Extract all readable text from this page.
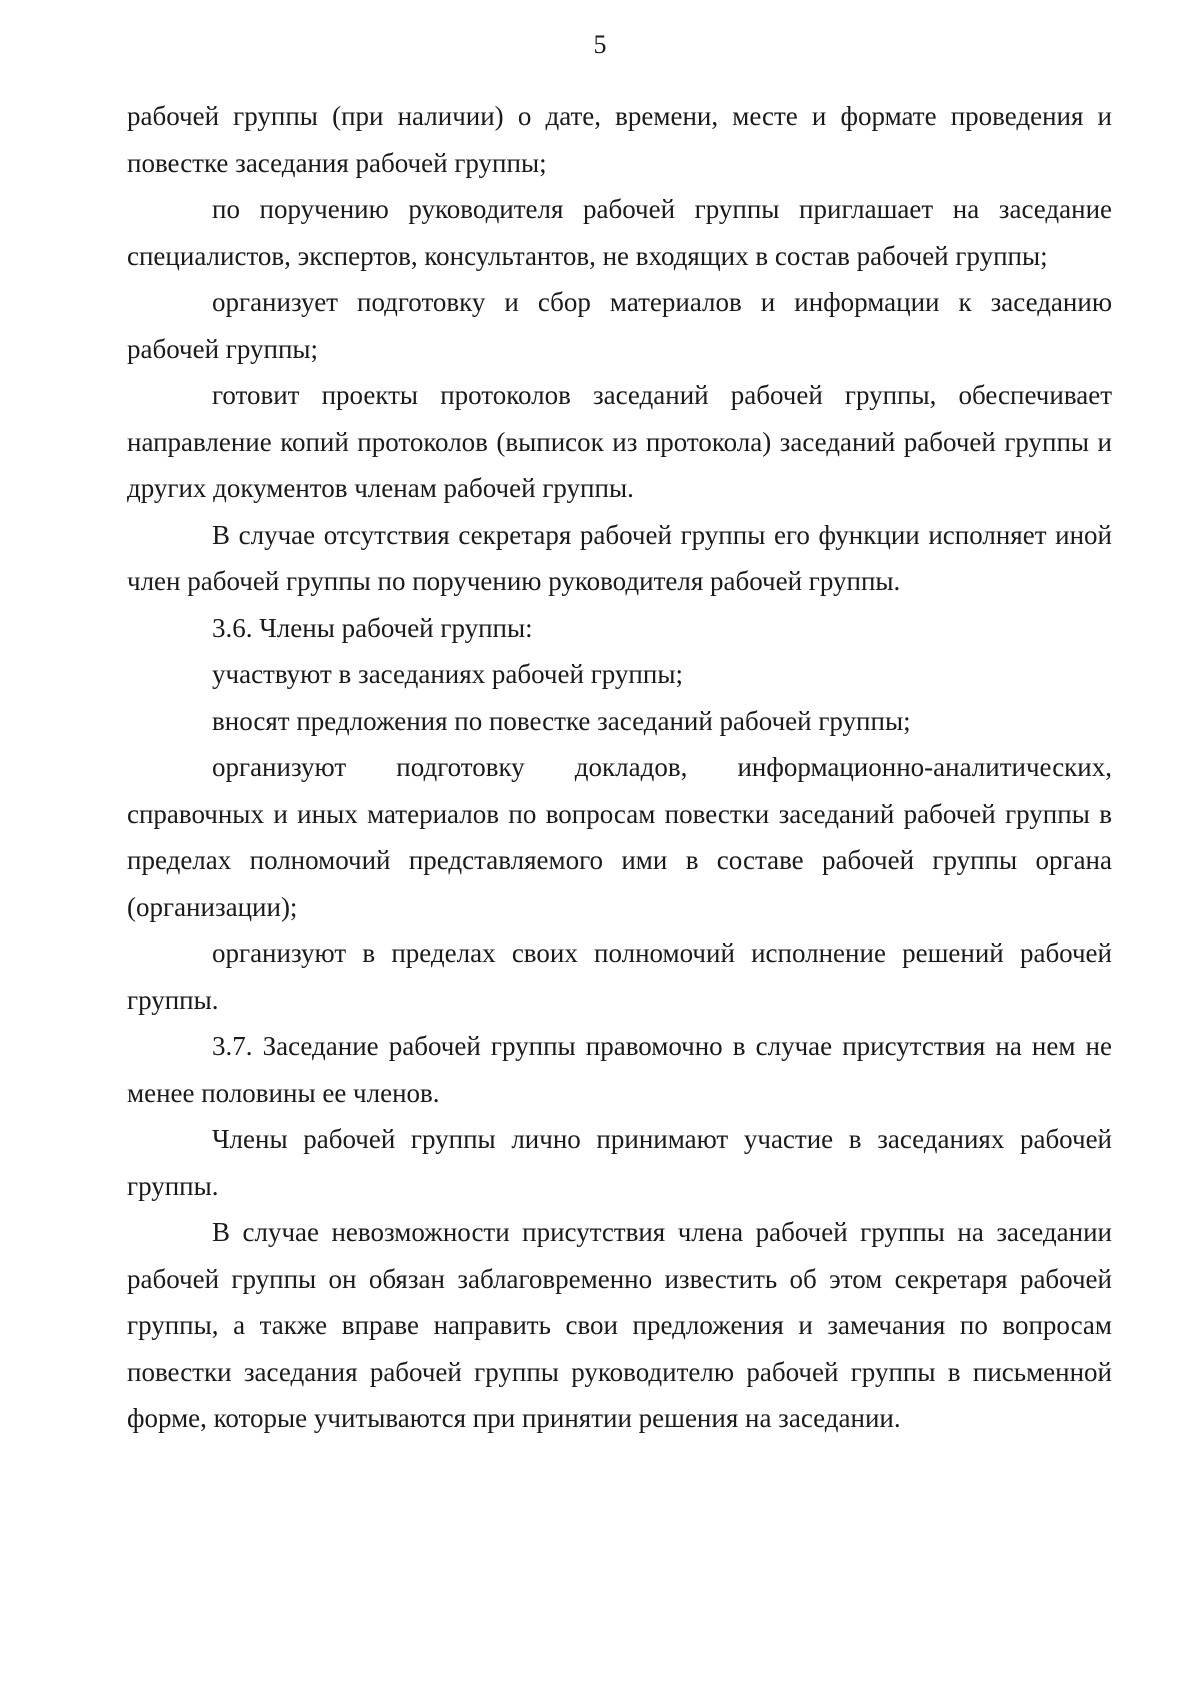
5

рабочей группы (при наличии) о дате, времени, месте и формате проведения и повестке заседания рабочей группы;

по поручению руководителя рабочей группы приглашает на заседание специалистов, экспертов, консультантов, не входящих в состав рабочей группы;

организует подготовку и сбор материалов и информации к заседанию рабочей группы;

готовит проекты протоколов заседаний рабочей группы, обеспечивает направление копий протоколов (выписок из протокола) заседаний рабочей группы и других документов членам рабочей группы.

В случае отсутствия секретаря рабочей группы его функции исполняет иной член рабочей группы по поручению руководителя рабочей группы.

3.6. Члены рабочей группы:

участвуют в заседаниях рабочей группы;

вносят предложения по повестке заседаний рабочей группы;

организуют подготовку докладов, информационно-аналитических, справочных и иных материалов по вопросам повестки заседаний рабочей группы в пределах полномочий представляемого ими в составе рабочей группы органа (организации);

организуют в пределах своих полномочий исполнение решений рабочей группы.

3.7. Заседание рабочей группы правомочно в случае присутствия на нем не менее половины ее членов.

Члены рабочей группы лично принимают участие в заседаниях рабочей группы.

В случае невозможности присутствия члена рабочей группы на заседании рабочей группы он обязан заблаговременно известить об этом секретаря рабочей группы, а также вправе направить свои предложения и замечания по вопросам повестки заседания рабочей группы руководителю рабочей группы в письменной форме, которые учитываются при принятии решения на заседании.
